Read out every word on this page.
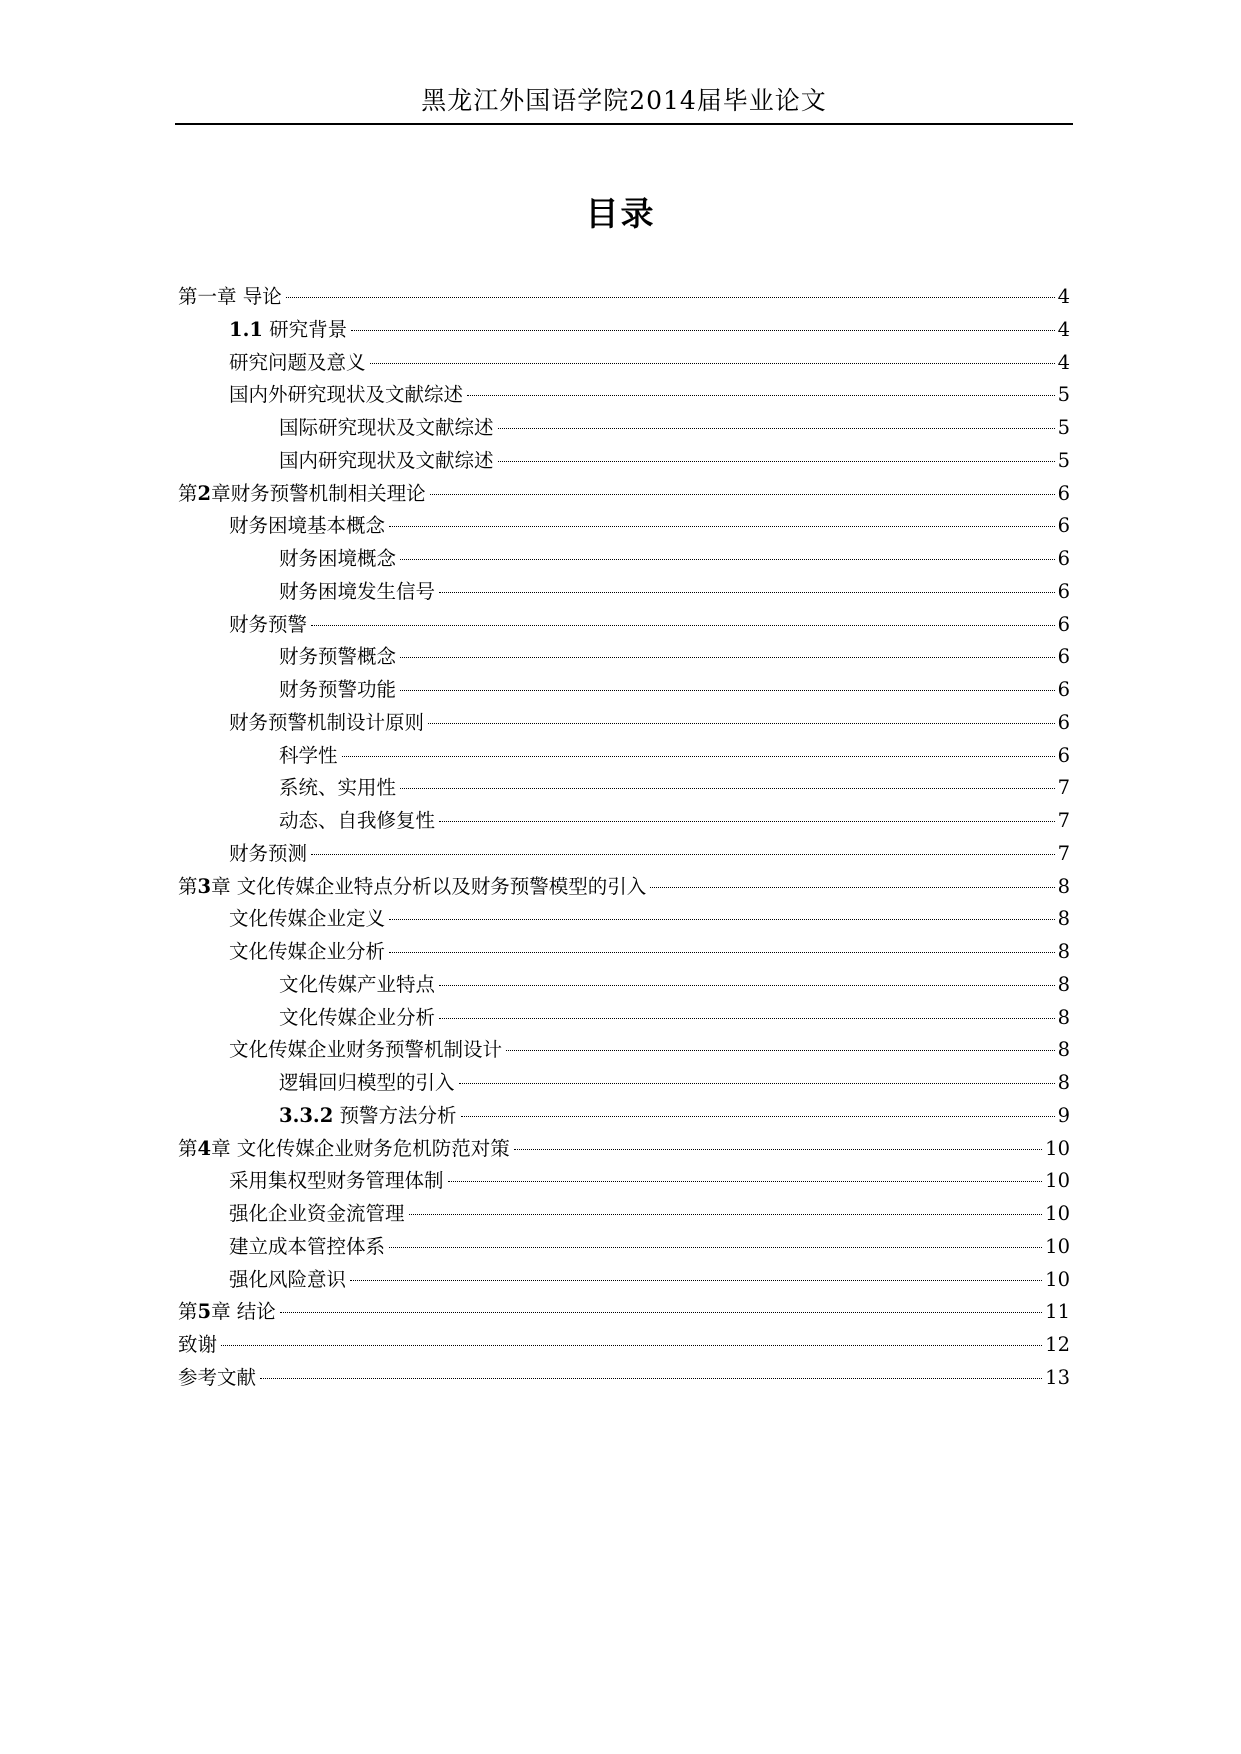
黑龙江外国语学院2014届毕业论文
目录
第一章 导论	4
1.1 研究背景	4
研究问题及意义	4
国内外研究现状及文献综述	5
国际研究现状及文献综述	5
国内研究现状及文献综述	5
第2章财务预警机制相关理论	6
财务困境基本概念	6
财务困境概念	6
财务困境发生信号	6
财务预警	6
财务预警概念	6
财务预警功能	6
财务预警机制设计原则	6
科学性	6
系统、实用性	7
动态、自我修复性	7
财务预测	7
第3章 文化传媒企业特点分析以及财务预警模型的引入	8
文化传媒企业定义	8
文化传媒企业分析	8
文化传媒产业特点	8
文化传媒企业分析	8
文化传媒企业财务预警机制设计	8
逻辑回归模型的引入	8
3.3.2 预警方法分析	9
第4章 文化传媒企业财务危机防范对策	10
采用集权型财务管理体制	10
强化企业资金流管理	10
建立成本管控体系	10
强化风险意识	10
第5章 结论	11
致谢	12
参考文献	13
